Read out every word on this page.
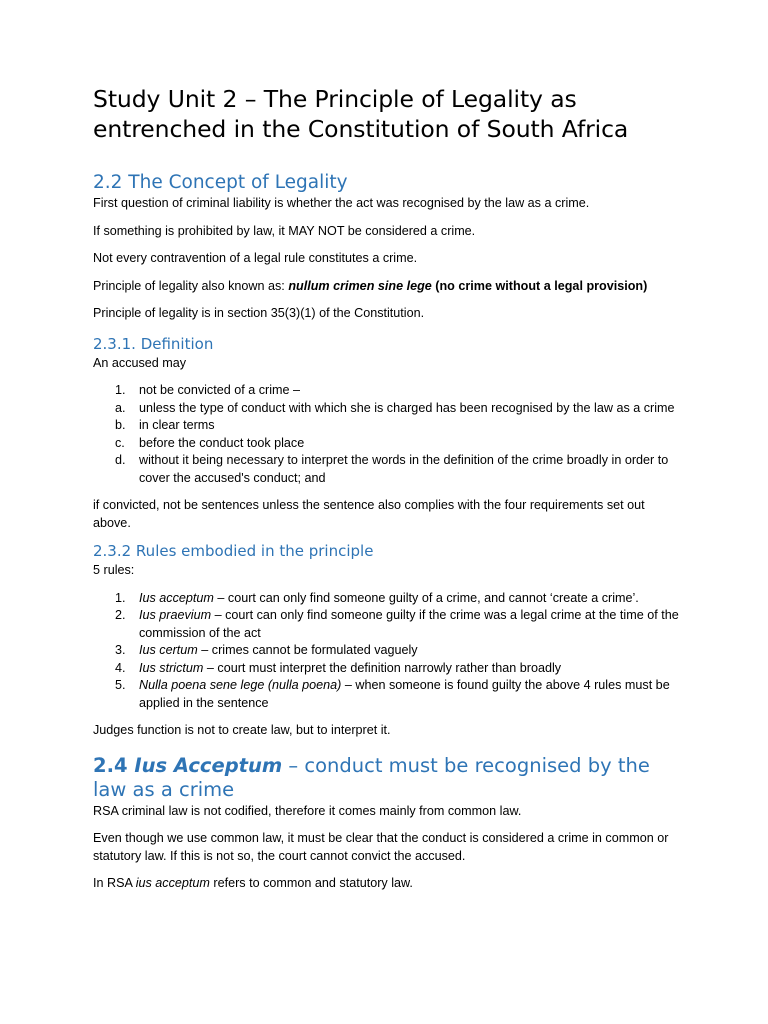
Study Unit 2 – The Principle of Legality as entrenched in the Constitution of South Africa
2.2 The Concept of Legality

First question of criminal liability is whether the act was recognised by the law as a crime.

If something is prohibited by law, it MAY NOT be considered a crime.

Not every contravention of a legal rule constitutes a crime.

Principle of legality also known as: nullum crimen sine lege (no crime without a legal provision)

Principle of legality is in section 35(3)(1) of the Constitution.

2.3.1. Definition

An accused may

1. not be convicted of a crime –
a. unless the type of conduct with which she is charged has been recognised by the law as a crime
b. in clear terms
c. before the conduct took place
d. without it being necessary to interpret the words in the definition of the crime broadly in order to cover the accused's conduct; and

if convicted, not be sentences unless the sentence also complies with the four requirements set out above.

2.3.2 Rules embodied in the principle

5 rules:

1. Ius acceptum – court can only find someone guilty of a crime, and cannot ‘create a crime’.
2. Ius praevium – court can only find someone guilty if the crime was a legal crime at the time of the commission of the act
3. Ius certum – crimes cannot be formulated vaguely
4. Ius strictum – court must interpret the definition narrowly rather than broadly
5. Nulla poena sene lege (nulla poena) – when someone is found guilty the above 4 rules must be applied in the sentence

Judges function is not to create law, but to interpret it.

2.4 Ius Acceptum – conduct must be recognised by the law as a crime

RSA criminal law is not codified, therefore it comes mainly from common law.

Even though we use common law, it must be clear that the conduct is considered a crime in common or statutory law. If this is not so, the court cannot convict the accused.

In RSA ius acceptum refers to common and statutory law.
